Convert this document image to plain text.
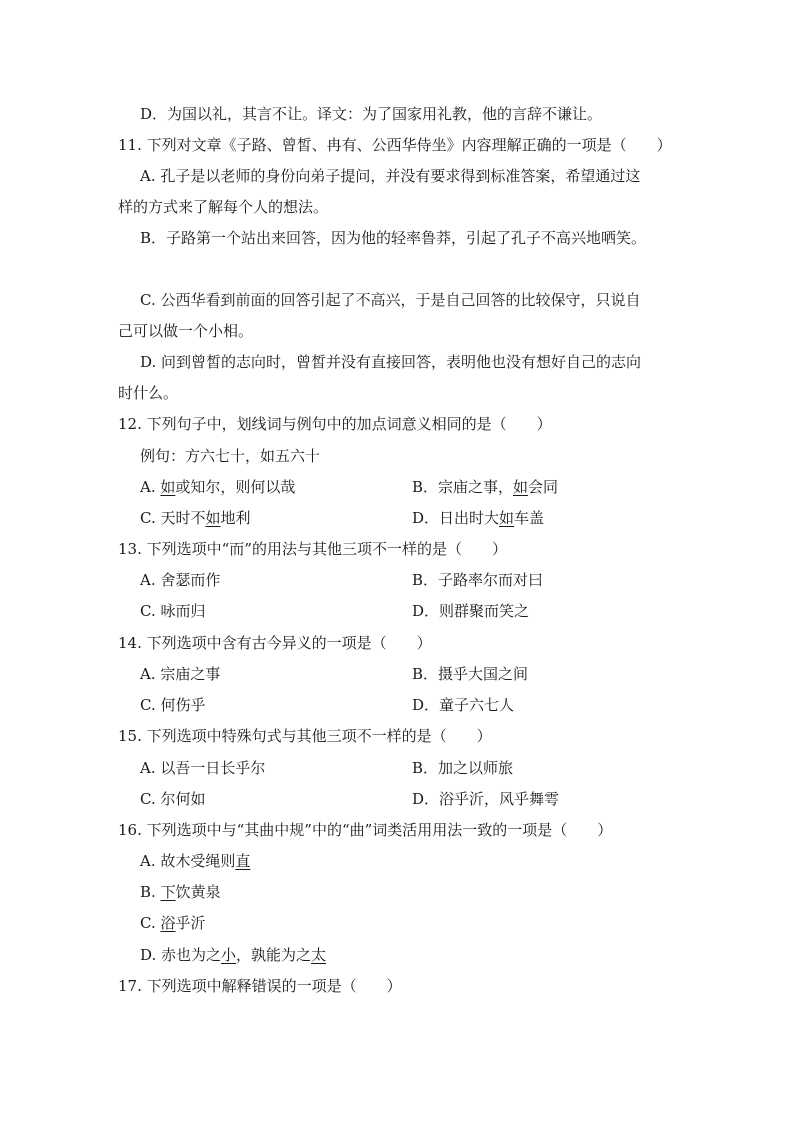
D．为国以礼，其言不让。译文：为了国家用礼教，他的言辞不谦让。
11. 下列对文章《子路、曾皙、冉有、公西华侍坐》内容理解正确的一项是（　　）
A. 孔子是以老师的身份向弟子提问，并没有要求得到标准答案，希望通过这
样的方式来了解每个人的想法。
B．子路第一个站出来回答，因为他的轻率鲁莽，引起了孔子不高兴地哂笑。
C. 公西华看到前面的回答引起了不高兴，于是自己回答的比较保守，只说自
己可以做一个小相。
D. 问到曾皙的志向时，曾皙并没有直接回答，表明他也没有想好自己的志向
时什么。
12. 下列句子中，划线词与例句中的加点词意义相同的是（　　）
例句：方六七十，如五六十
A. 如或知尔，则何以哉	B．宗庙之事，如会同
C. 天时不如地利	D．日出时大如车盖
13. 下列选项中“而”的用法与其他三项不一样的是（　　）
A. 舍瑟而作	B．子路率尔而对曰
C. 咏而归	D．则群聚而笑之
14. 下列选项中含有古今异义的一项是（　　）
A. 宗庙之事	B．摄乎大国之间
C. 何伤乎	D．童子六七人
15. 下列选项中特殊句式与其他三项不一样的是（　　）
A. 以吾一日长乎尔	B．加之以师旅
C. 尔何如	D．浴乎沂，风乎舞雩
16. 下列选项中与“其曲中规”中的“曲”词类活用用法一致的一项是（　　）
A. 故木受绳则直
B. 下饮黄泉
C. 浴乎沂
D. 赤也为之小，孰能为之太
17. 下列选项中解释错误的一项是（　　）
